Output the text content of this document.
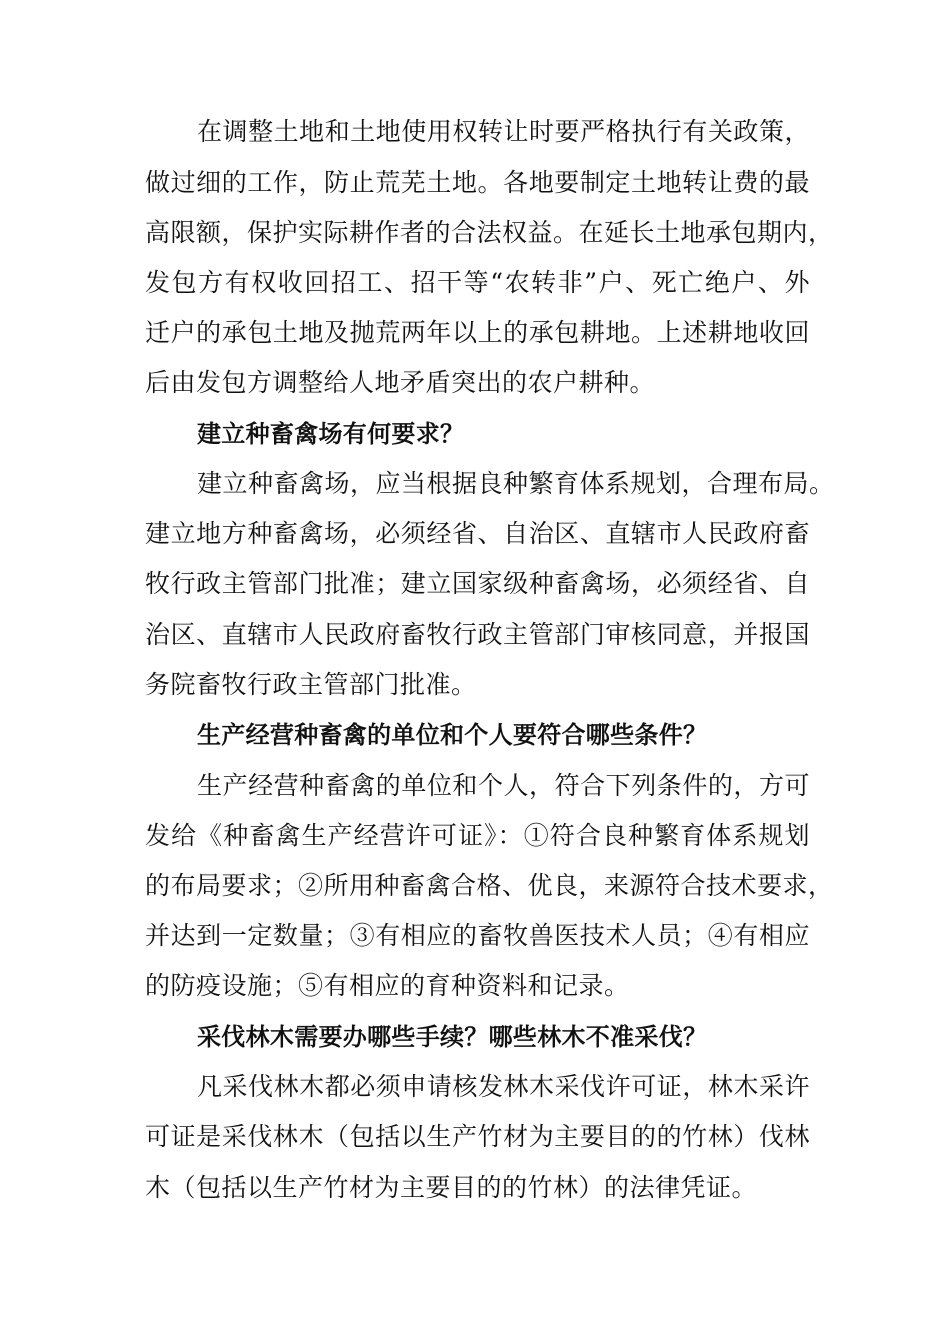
在调整土地和土地使用权转让时要严格执行有关政策，
做过细的工作，防止荒芜土地。各地要制定土地转让费的最
高限额，保护实际耕作者的合法权益。在延长土地承包期内，
发包方有权收回招工、招干等“农转非”户、死亡绝户、外
迁户的承包土地及抛荒两年以上的承包耕地。上述耕地收回
后由发包方调整给人地矛盾突出的农户耕种。
建立种畜禽场有何要求？
建立种畜禽场，应当根据良种繁育体系规划，合理布局。
建立地方种畜禽场，必须经省、自治区、直辖市人民政府畜
牧行政主管部门批准；建立国家级种畜禽场，必须经省、自
治区、直辖市人民政府畜牧行政主管部门审核同意，并报国
务院畜牧行政主管部门批准。
生产经营种畜禽的单位和个人要符合哪些条件？
生产经营种畜禽的单位和个人，符合下列条件的，方可
发给《种畜禽生产经营许可证》：①符合良种繁育体系规划
的布局要求；②所用种畜禽合格、优良，来源符合技术要求，
并达到一定数量；③有相应的畜牧兽医技术人员；④有相应
的防疫设施；⑤有相应的育种资料和记录。
采伐林木需要办哪些手续？哪些林木不准采伐？
凡采伐林木都必须申请核发林木采伐许可证，林木采许
可证是采伐林木（包括以生产竹材为主要目的的竹林）伐林
木（包括以生产竹材为主要目的的竹林）的法律凭证。
